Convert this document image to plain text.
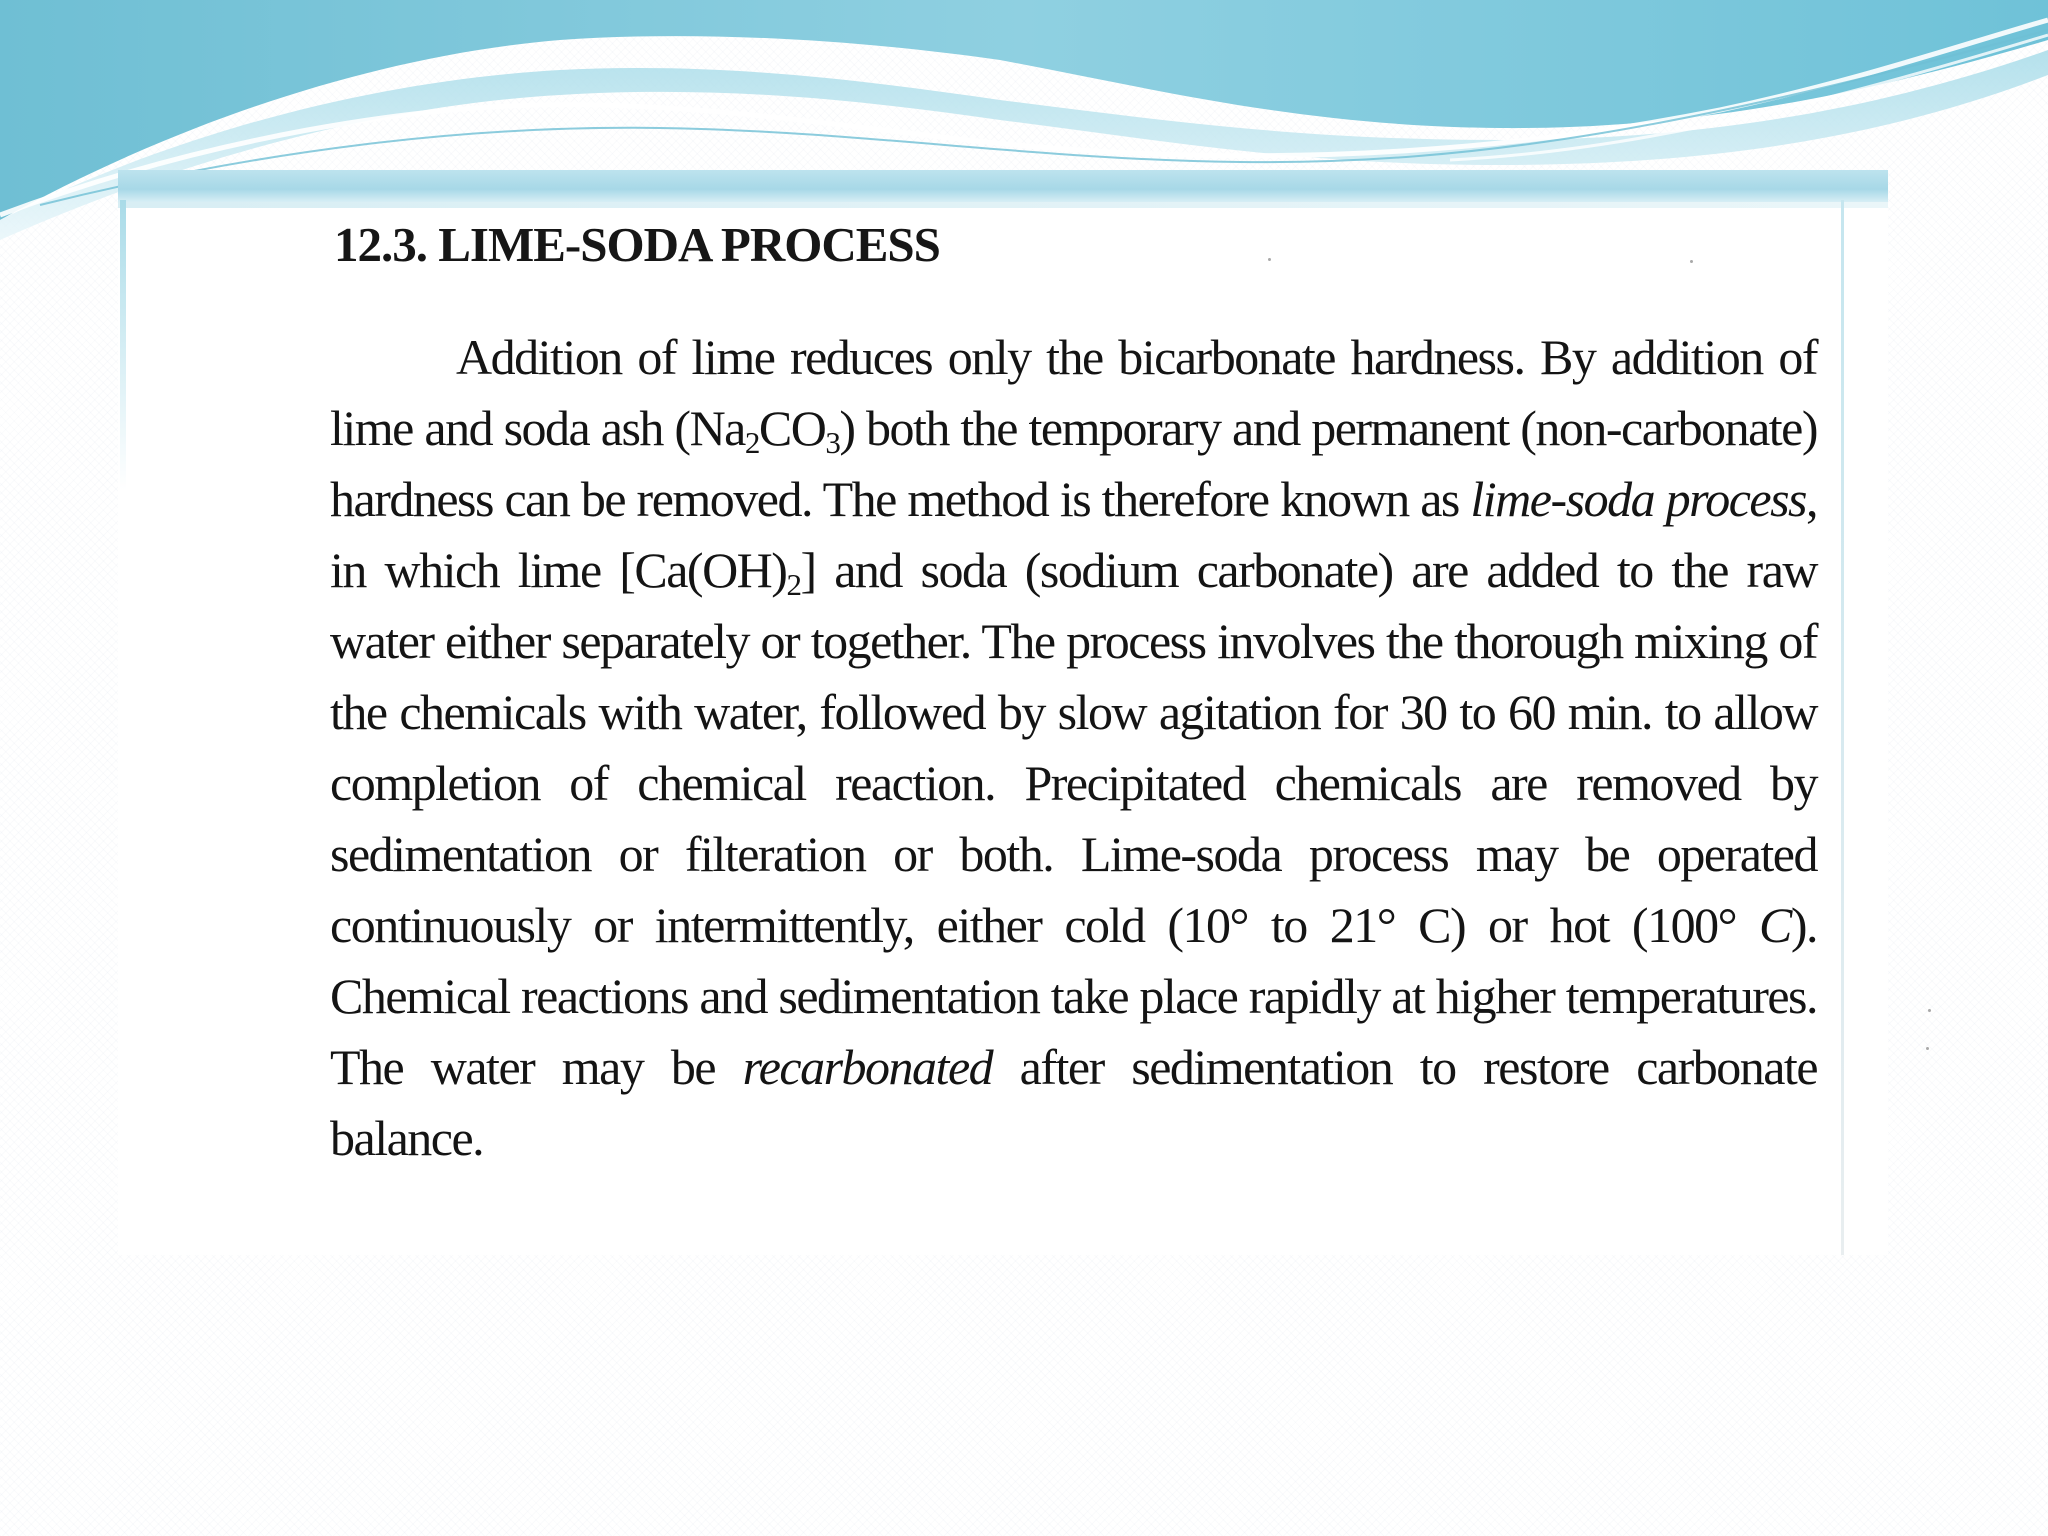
12.3. LIME-SODA PROCESS

Addition of lime reduces only the bicarbonate hardness. By addition of lime and soda ash $(Na_2CO_3)$ both the temporary and permanent (non-carbonate) hardness can be removed. The method is therefore known as lime-soda process, in which lime $[Ca(OH)_2]$ and soda (sodium carbonate) are added to the raw water either separately or together. The process involves the thorough mixing of the chemicals with water, followed by slow agitation for 30 to 60 min. to allow completion of chemical reaction. Precipitated chemicals are removed by sedimentation or filteration or both. Lime-soda process may be operated continuously or intermittently, either cold (10° to 21° C) or hot (100° C). Chemical reactions and sedimentation take place rapidly at higher temperatures. The water may be recarbonated after sedimentation to restore carbonate balance.
